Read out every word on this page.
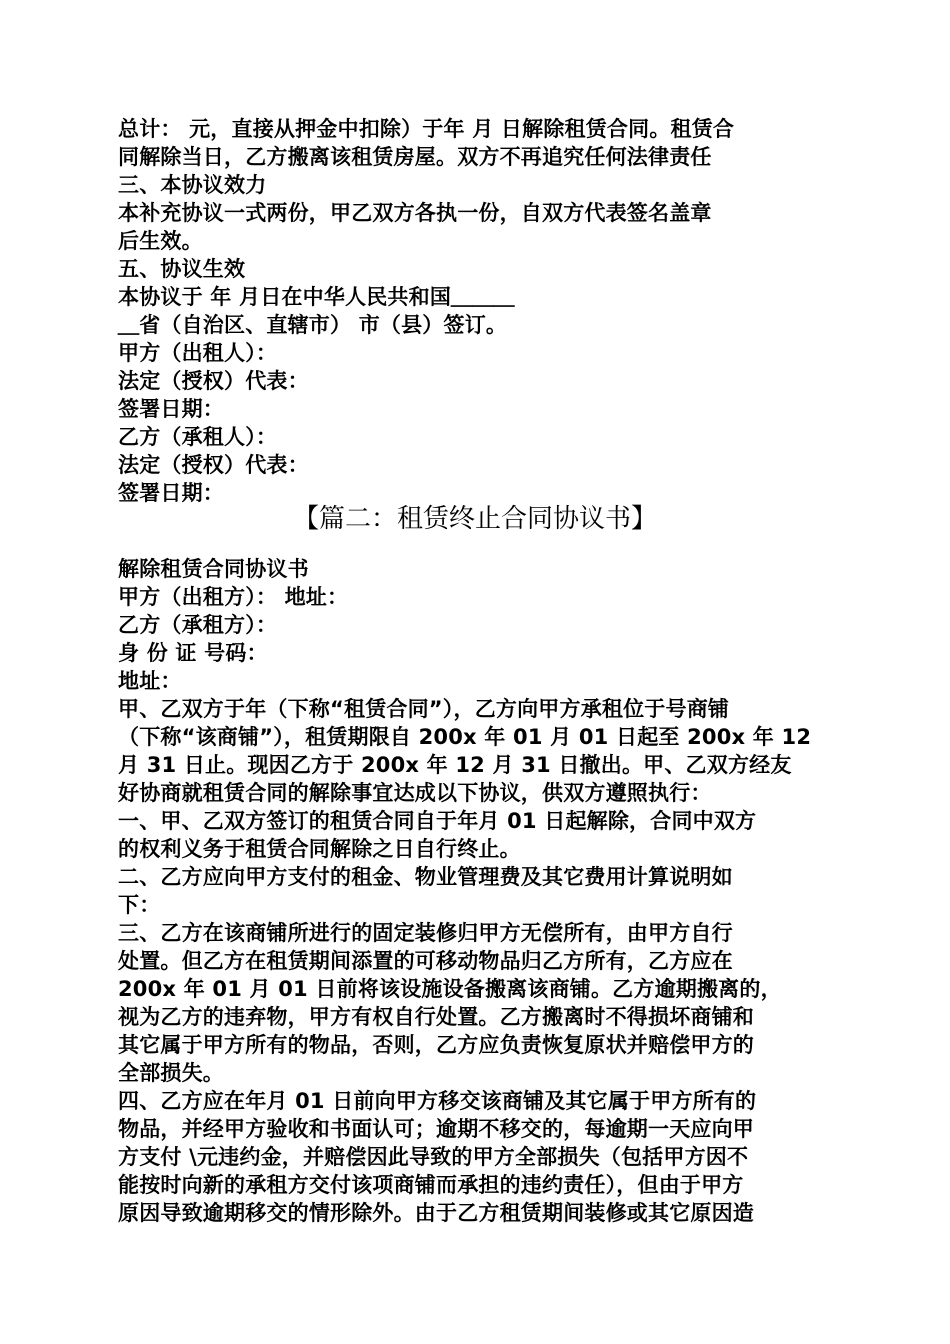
总计： 元，直接从押金中扣除）于年 月 日解除租赁合同。租赁合
同解除当日，乙方搬离该租赁房屋。双方不再追究任何法律责任
三、本协议效力
本补充协议一式两份，甲乙双方各执一份，自双方代表签名盖章
后生效。
五、协议生效
本协议于 年 月日在中华人民共和国＿＿＿
＿省（自治区、直辖市） 市（县）签订。
甲方（出租人）：
法定（授权）代表：
签署日期：
乙方（承租人）：
法定（授权）代表：
签署日期：
【篇二：租赁终止合同协议书】
解除租赁合同协议书
甲方（出租方）： 地址：
乙方（承租方）：
身 份 证 号码：
地址：
甲、乙双方于年（下称“租赁合同”），乙方向甲方承租位于号商铺
（下称“该商铺”），租赁期限自 200x 年 01 月 01 日起至 200x 年 12
月 31 日止。现因乙方于 200x 年 12 月 31 日撤出。甲、乙双方经友
好协商就租赁合同的解除事宜达成以下协议，供双方遵照执行：
一、甲、乙双方签订的租赁合同自于年月 01 日起解除，合同中双方
的权利义务于租赁合同解除之日自行终止。
二、乙方应向甲方支付的租金、物业管理费及其它费用计算说明如
下：
三、乙方在该商铺所进行的固定装修归甲方无偿所有，由甲方自行
处置。但乙方在租赁期间添置的可移动物品归乙方所有，乙方应在
200x 年 01 月 01 日前将该设施设备搬离该商铺。乙方逾期搬离的，
视为乙方的违弃物，甲方有权自行处置。乙方搬离时不得损坏商铺和
其它属于甲方所有的物品，否则，乙方应负责恢复原状并赔偿甲方的
全部损失。
四、乙方应在年月 01 日前向甲方移交该商铺及其它属于甲方所有的
物品，并经甲方验收和书面认可；逾期不移交的，每逾期一天应向甲
方支付 \元违约金，并赔偿因此导致的甲方全部损失（包括甲方因不
能按时向新的承租方交付该项商铺而承担的违约责任），但由于甲方
原因导致逾期移交的情形除外。由于乙方租赁期间装修或其它原因造
